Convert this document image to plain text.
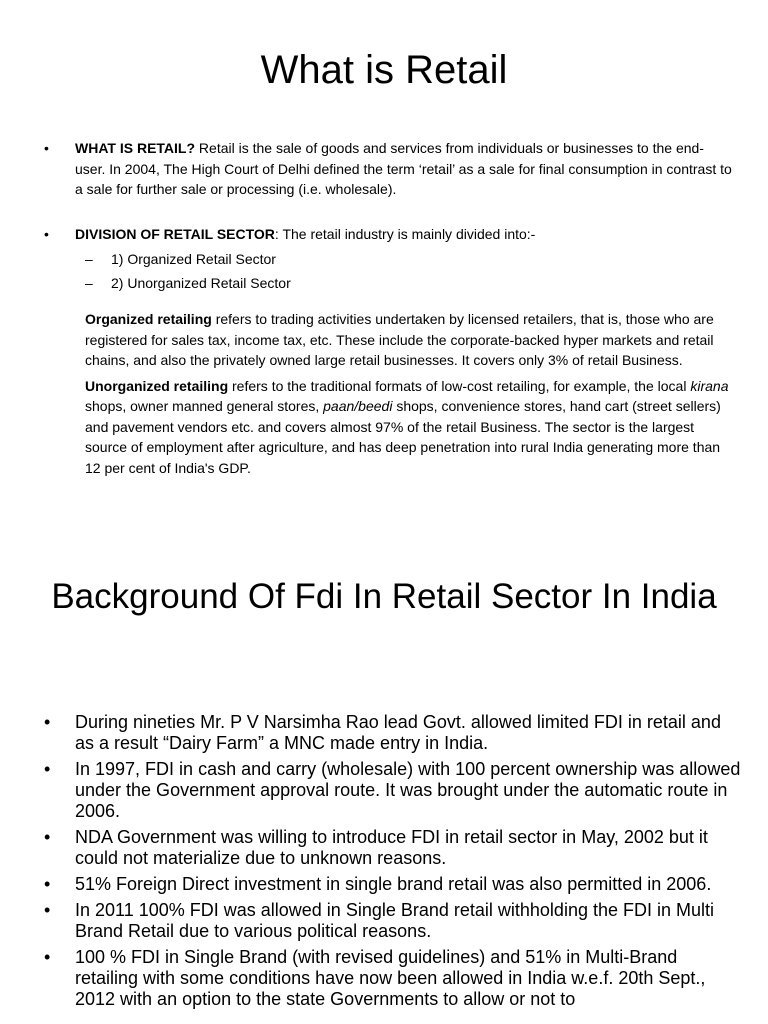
What is Retail
•	WHAT IS RETAIL? Retail is the sale of goods and services from individuals or businesses to the end-user. In 2004, The High Court of Delhi defined the term ‘retail’ as a sale for final consumption in contrast to a sale for further sale or processing (i.e. wholesale).
•	DIVISION OF RETAIL SECTOR: The retail industry is mainly divided into:-
–	1) Organized Retail Sector
–	2) Unorganized Retail Sector

Organized retailing refers to trading activities undertaken by licensed retailers, that is, those who are registered for sales tax, income tax, etc. These include the corporate-backed hyper markets and retail chains, and also the privately owned large retail businesses. It covers only 3% of retail Business.

Unorganized retailing refers to the traditional formats of low-cost retailing, for example, the local kirana shops, owner manned general stores, paan/beedi shops, convenience stores, hand cart (street sellers) and pavement vendors etc. and covers almost 97% of the retail Business. The sector is the largest source of employment after agriculture, and has deep penetration into rural India generating more than 12 per cent of India's GDP.

Background Of Fdi In Retail Sector In India
•	During nineties Mr. P V Narsimha Rao lead Govt. allowed limited FDI in retail and as a result “Dairy Farm” a MNC made entry in India.
•	In 1997, FDI in cash and carry (wholesale) with 100 percent ownership was allowed under the Government approval route. It was brought under the automatic route in 2006.
•	NDA Government was willing to introduce FDI in retail sector in May, 2002 but it could not materialize due to unknown reasons.
•	51% Foreign Direct investment in single brand retail was also permitted in 2006.
•	In 2011 100% FDI was allowed in Single Brand retail withholding the FDI in Multi Brand Retail due to various political reasons.
•	100 % FDI in Single Brand (with revised guidelines) and 51% in Multi-Brand retailing with some conditions have now been allowed in India w.e.f. 20th Sept., 2012 with an option to the state Governments to allow or not to
